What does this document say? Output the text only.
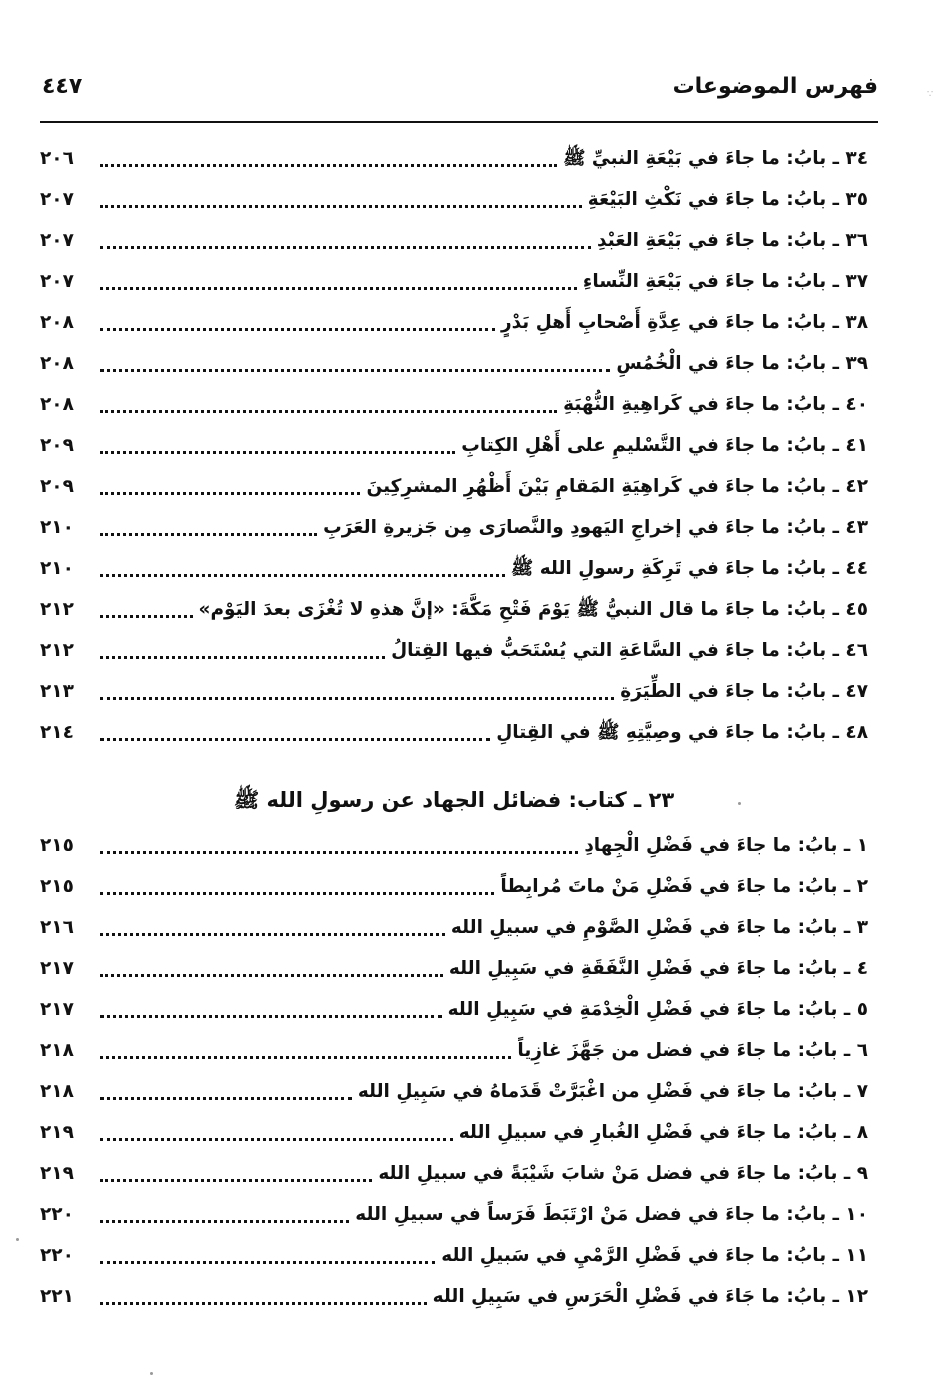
فهرس الموضوعات
٤٤٧
٣٤ ـ بابُ: ما جاءَ في بَيْعَةِ النبيِّ ﷺ
٢٠٦
٣٥ ـ بابُ: ما جاءَ في نَكْثِ البَيْعَةِ
٢٠٧
٣٦ ـ بابُ: ما جاءَ في بَيْعَةِ العَبْدِ
٢٠٧
٣٧ ـ بابُ: ما جاءَ في بَيْعَةِ النِّساءِ
٢٠٧
٣٨ ـ بابُ: ما جاءَ في عِدَّةِ أَصْحابِ أَهلِ بَدْرٍ
٢٠٨
٣٩ ـ بابُ: ما جاءَ في الْخُمُسِ
٢٠٨
٤٠ ـ بابُ: ما جاءَ في كَراهِيةِ النُّهْبَةِ
٢٠٨
٤١ ـ بابُ: ما جاءَ في التَّسْليمِ على أَهْلِ الكِتابِ
٢٠٩
٤٢ ـ بابُ: ما جاءَ في كَراهِيَةِ المَقامِ بَيْنَ أَظْهُرِ المشرِكِينَ
٢٠٩
٤٣ ـ بابُ: ما جاءَ في إخراجِ اليَهودِ والنَّصارَى مِن جَزيرةِ العَرَبِ
٢١٠
٤٤ ـ بابُ: ما جاءَ في تَرِكَةِ رسولِ الله ﷺ
٢١٠
٤٥ ـ بابُ: ما جاءَ ما قال النبيُّ ﷺ يَوْمَ فَتْحِ مَكَّةَ: «إنَّ هذهِ لا تُغْزَى بعدَ اليَوْم»
٢١٢
٤٦ ـ بابُ: ما جاءَ في السَّاعَةِ التي يُسْتَحَبُّ فيها القِتالُ
٢١٢
٤٧ ـ بابُ: ما جاءَ في الطِّيَرَةِ
٢١٣
٤٨ ـ بابُ: ما جاءَ في وصِيَّتِهِ ﷺ في القِتالِ
٢١٤
٢٣ ـ كتاب: فضائل الجهاد عن رسولِ الله ﷺ
١ ـ بابُ: ما جاءَ في فَضْلِ الْجِهادِ
٢١٥
٢ ـ بابُ: ما جاءَ في فَضْلِ مَنْ ماتَ مُرابِطاً
٢١٥
٣ ـ بابُ: ما جاءَ في فَضْلِ الصَّوْمِ في سبيلِ الله
٢١٦
٤ ـ بابُ: ما جاءَ في فَضْلِ النَّفَقَةِ في سَبِيلِ الله
٢١٧
٥ ـ بابُ: ما جاءَ في فَضْلِ الْخِدْمَةِ في سَبِيلِ الله
٢١٧
٦ ـ بابُ: ما جاءَ في فضل من جَهَّزَ غازِياً
٢١٨
٧ ـ بابُ: ما جاءَ في فَضْلِ من اغْبَرَّتْ قَدَماهُ في سَبِيلِ الله
٢١٨
٨ ـ بابُ: ما جاءَ في فَضْلِ الغُبارِ في سبيلِ الله
٢١٩
٩ ـ بابُ: ما جاءَ في فضل مَنْ شابَ شَيْبَةً في سبيلِ الله
٢١٩
١٠ ـ بابُ: ما جاءَ في فضل مَنْ ارْتَبَطَ فَرَساً في سبيلِ الله
٢٢٠
١١ ـ بابُ: ما جاءَ في فَضْلِ الرَّمْيِ في سَبيلِ الله
٢٢٠
١٢ ـ بابُ: ما جَاءَ في فَضْلِ الْحَرَسِ في سَبِيلِ الله
٢٢١
∵
